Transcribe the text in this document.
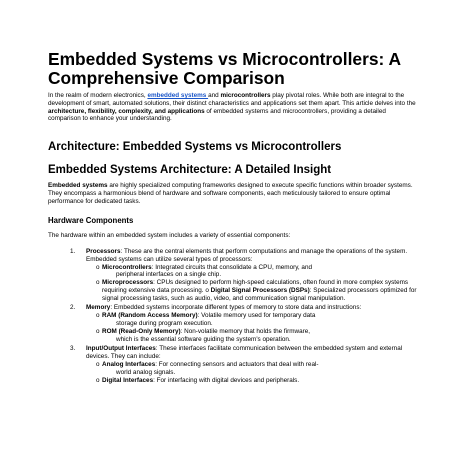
Embedded Systems vs Microcontrollers: A Comprehensive Comparison
In the realm of modern electronics, embedded systems and microcontrollers play pivotal roles. While both are integral to the development of smart, automated solutions, their distinct characteristics and applications set them apart. This article delves into the architecture, flexibility, complexity, and applications of embedded systems and microcontrollers, providing a detailed comparison to enhance your understanding.
Architecture: Embedded Systems vs Microcontrollers
Embedded Systems Architecture: A Detailed Insight

Embedded systems are highly specialized computing frameworks designed to execute specific functions within broader systems. They encompass a harmonious blend of hardware and software components, each meticulously tailored to ensure optimal performance for dedicated tasks.

Hardware Components
The hardware within an embedded system includes a variety of essential components:
1. Processors: These are the central elements that perform computations and manage the operations of the system. Embedded systems can utilize several types of processors:
o Microcontrollers: Integrated circuits that consolidate a CPU, memory, and
peripheral interfaces on a single chip.
o Microprocessors: CPUs designed to perform high-speed calculations, often found in more complex systems requiring extensive data processing. o Digital Signal Processors (DSPs): Specialized processors optimized for signal processing tasks, such as audio, video, and communication signal manipulation.
2. Memory: Embedded systems incorporate different types of memory to store data and instructions:
o RAM (Random Access Memory): Volatile memory used for temporary data
storage during program execution.
o ROM (Read-Only Memory): Non-volatile memory that holds the firmware,
which is the essential software guiding the system's operation.
3. Input/Output Interfaces: These interfaces facilitate communication between the embedded system and external devices. They can include:
o Analog Interfaces: For connecting sensors and actuators that deal with real-
world analog signals.
o Digital Interfaces: For interfacing with digital devices and peripherals.
